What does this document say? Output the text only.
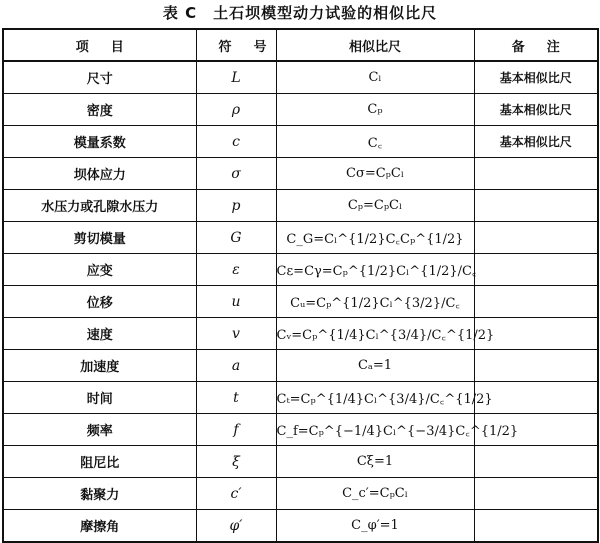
表 C　土石坝模型动力试验的相似比尺
项目	符号	相似比尺	备注
尺寸	L	Cₗ	基本相似比尺
密度	ρ	Cₚ	基本相似比尺
模量系数	c	C꜀	基本相似比尺
坝体应力	σ	Cσ=CₚCₗ	
水压力或孔隙水压力	p	Cₚ=CₚCₗ	
剪切模量	G	C_G=Cₗ^{1/2}C꜀Cₚ^{1/2}	
应变	ε	Cε=Cγ=Cₚ^{1/2}Cₗ^{1/2}/C꜀	
位移	u	Cᵤ=Cₚ^{1/2}Cₗ^{3/2}/C꜀	
速度	v	Cᵥ=Cₚ^{1/4}Cₗ^{3/4}/C꜀^{1/2}	
加速度	a	Cₐ=1	
时间	t	Cₜ=Cₚ^{1/4}Cₗ^{3/4}/C꜀^{1/2}	
频率	f	C_f=Cₚ^{−1/4}Cₗ^{−3/4}C꜀^{1/2}	
阻尼比	ξ	Cξ=1	
黏聚力	c′	C_c′=CₚCₗ	
摩擦角	φ′	C_φ′=1	
